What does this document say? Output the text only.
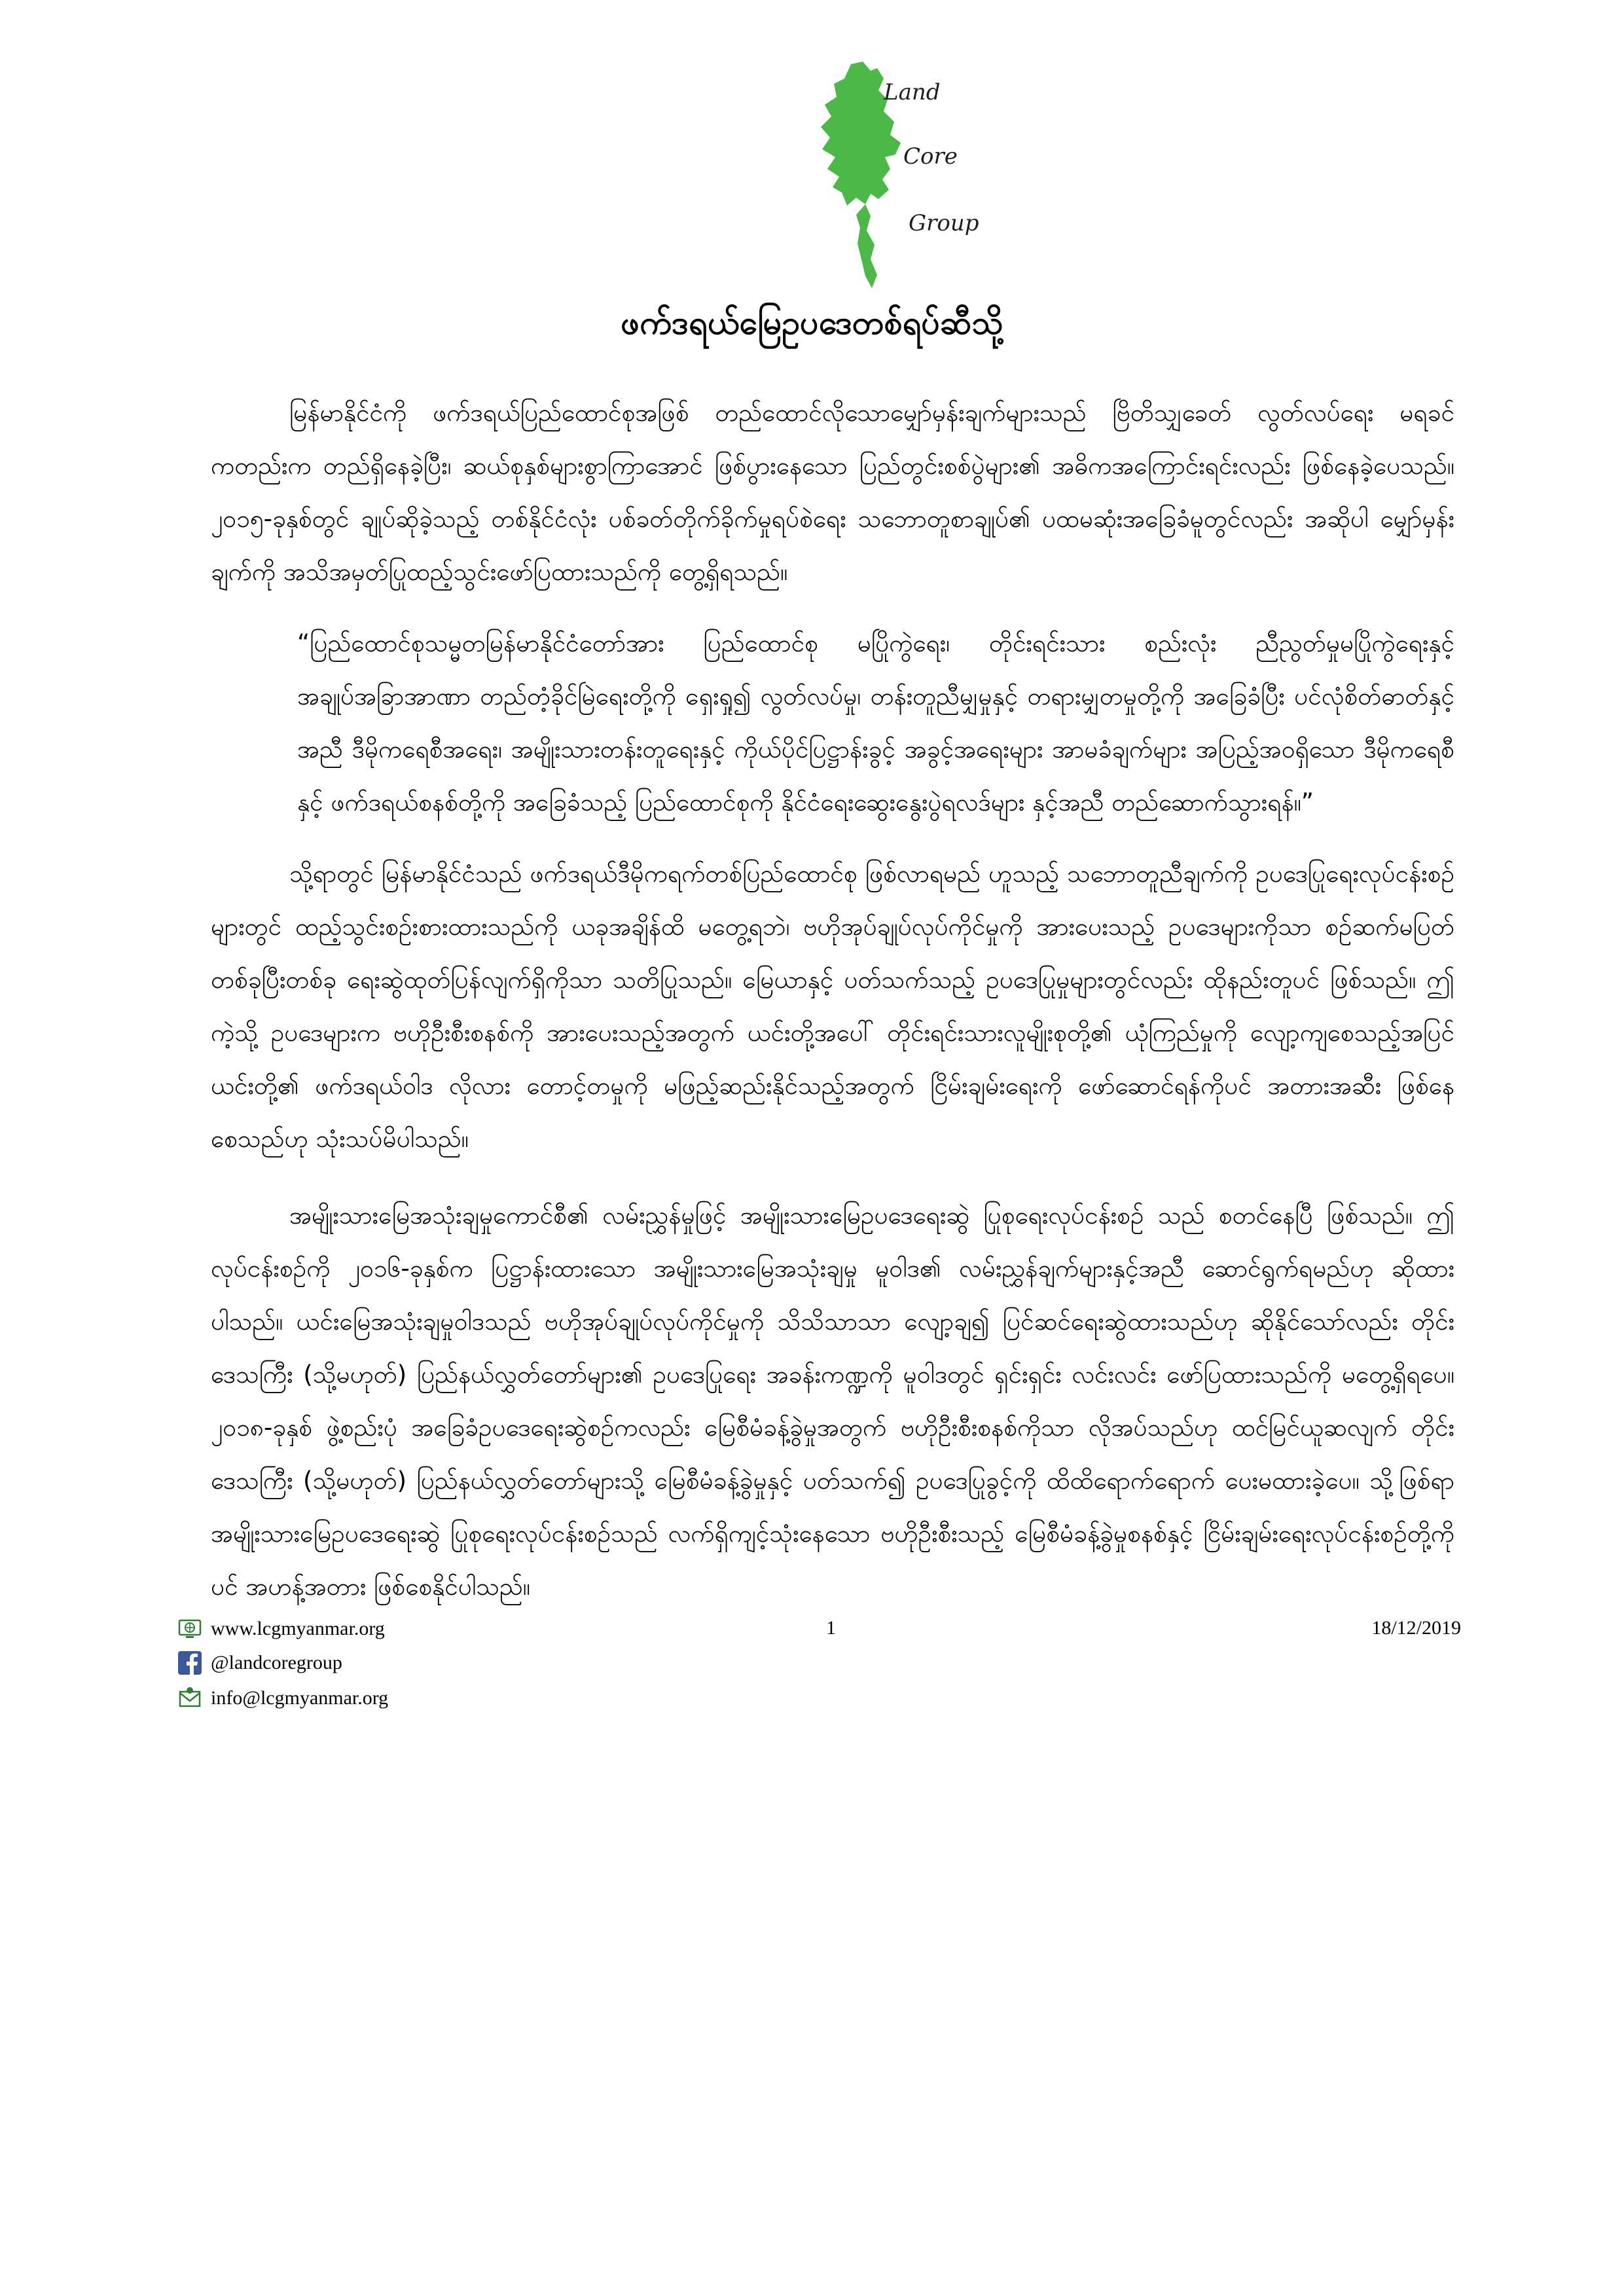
Land
Core
Group
ဖက်ဒရယ်မြေဥပဒေတစ်ရပ်ဆီသို့

မြန်မာနိုင်ငံကို ဖက်ဒရယ်ပြည်ထောင်စုအဖြစ် တည်ထောင်လိုသောမျှော်မှန်းချက်များသည် ဗြိတိသျှခေတ် လွတ်လပ်ရေး မရခင်ကတည်းက တည်ရှိနေခဲ့ပြီး၊ ဆယ်စုနှစ်များစွာကြာအောင် ဖြစ်ပွားနေသော ပြည်တွင်းစစ်ပွဲများ၏ အဓိကအကြောင်းရင်းလည်း ဖြစ်နေခဲ့ပေသည်။ ၂၀၁၅-ခုနှစ်တွင် ချုပ်ဆိုခဲ့သည့် တစ်နိုင်ငံလုံး ပစ်ခတ်တိုက်ခိုက်မှုရပ်စဲရေး သဘောတူစာချုပ်၏ ပထမဆုံးအခြေခံမူတွင်လည်း အဆိုပါ မျှော်မှန်းချက်ကို အသိအမှတ်ပြုထည့်သွင်းဖော်ပြထားသည်ကို တွေ့ရှိရသည်။

“ပြည်ထောင်စုသမ္မတမြန်မာနိုင်ငံတော်အား ပြည်ထောင်စု မပြိုကွဲရေး၊ တိုင်းရင်းသား စည်းလုံး ညီညွတ်မှုမပြိုကွဲရေးနှင့် အချုပ်အခြာအာဏာ တည်တံ့ခိုင်မြဲရေးတို့ကို ရှေးရှု၍ လွတ်လပ်မှု၊ တန်းတူညီမျှမှုနှင့် တရားမျှတမှုတို့ကို အခြေခံပြီး ပင်လုံစိတ်ဓာတ်နှင့်အညီ ဒီမိုကရေစီအရေး၊ အမျိုးသားတန်းတူရေးနှင့် ကိုယ်ပိုင်ပြဋ္ဌာန်းခွင့် အခွင့်အရေးများ အာမခံချက်များ အပြည့်အဝရှိသော ဒီမိုကရေစီနှင့် ဖက်ဒရယ်စနစ်တို့ကို အခြေခံသည့် ပြည်ထောင်စုကို နိုင်ငံရေးဆွေးနွေးပွဲရလဒ်များ နှင့်အညီ တည်ဆောက်သွားရန်။”

သို့ရာတွင် မြန်မာနိုင်ငံသည် ဖက်ဒရယ်ဒီမိုကရက်တစ်ပြည်ထောင်စု ဖြစ်လာရမည် ဟူသည့် သဘောတူညီချက်ကို ဥပဒေပြုရေးလုပ်ငန်းစဉ်များတွင် ထည့်သွင်းစဉ်းစားထားသည်ကို ယခုအချိန်ထိ မတွေ့ရဘဲ၊ ဗဟိုအုပ်ချုပ်လုပ်ကိုင်မှုကို အားပေးသည့် ဥပဒေများကိုသာ စဉ်ဆက်မပြတ် တစ်ခုပြီးတစ်ခု ရေးဆွဲထုတ်ပြန်လျက်ရှိကိုသာ သတိပြုသည်။ မြေယာနှင့် ပတ်သက်သည့် ဥပဒေပြုမှုများတွင်လည်း ထိုနည်းတူပင် ဖြစ်သည်။ ဤကဲ့သို့ ဥပဒေများက ဗဟိုဦးစီးစနစ်ကို အားပေးသည့်အတွက် ယင်းတို့အပေါ် တိုင်းရင်းသားလူမျိုးစုတို့၏ ယုံကြည်မှုကို လျော့ကျစေသည့်အပြင် ယင်းတို့၏ ဖက်ဒရယ်ဝါဒ လိုလား တောင့်တမှုကို မဖြည့်ဆည်းနိုင်သည့်အတွက် ငြိမ်းချမ်းရေးကို ဖော်ဆောင်ရန်ကိုပင် အတားအဆီး ဖြစ်နေစေသည်ဟု သုံးသပ်မိပါသည်။

အမျိုးသားမြေအသုံးချမှုကောင်စီ၏ လမ်းညွှန်မှုဖြင့် အမျိုးသားမြေဥပဒေရေးဆွဲ ပြုစုရေးလုပ်ငန်းစဉ် သည် စတင်နေပြီ ဖြစ်သည်။ ဤလုပ်ငန်းစဉ်ကို ၂၀၁၆-ခုနှစ်က ပြဋ္ဌာန်းထားသော အမျိုးသားမြေအသုံးချမှု မူဝါဒ၏ လမ်းညွှန်ချက်များနှင့်အညီ ဆောင်ရွက်ရမည်ဟု ဆိုထားပါသည်။ ယင်းမြေအသုံးချမှုဝါဒသည် ဗဟိုအုပ်ချုပ်လုပ်ကိုင်မှုကို သိသိသာသာ လျော့ချ၍ ပြင်ဆင်ရေးဆွဲထားသည်ဟု ဆိုနိုင်သော်လည်း တိုင်းဒေသကြီး (သို့မဟုတ်) ပြည်နယ်လွှတ်တော်များ၏ ဥပဒေပြုရေး အခန်းကဏ္ဍကို မူဝါဒတွင် ရှင်းရှင်း လင်းလင်း ဖော်ပြထားသည်ကို မတွေ့ရှိရပေ။ ၂၀၁၈-ခုနှစ် ဖွဲ့စည်းပုံ အခြေခံဥပဒေရေးဆွဲစဉ်ကလည်း မြေစီမံခန့်ခွဲမှုအတွက် ဗဟိုဦးစီးစနစ်ကိုသာ လိုအပ်သည်ဟု ထင်မြင်ယူဆလျက် တိုင်းဒေသကြီး (သို့မဟုတ်) ပြည်နယ်လွှတ်တော်များသို့ မြေစီမံခန့်ခွဲမှုနှင့် ပတ်သက်၍ ဥပဒေပြုခွင့်ကို ထိထိရောက်ရောက် ပေးမထားခဲ့ပေ။ သို့ဖြစ်ရာ အမျိုးသားမြေဥပဒေရေးဆွဲ ပြုစုရေးလုပ်ငန်းစဉ်သည် လက်ရှိကျင့်သုံးနေသော ဗဟိုဦးစီးသည့် မြေစီမံခန့်ခွဲမှုစနစ်နှင့် ငြိမ်းချမ်းရေးလုပ်ငန်းစဉ်တို့ကိုပင် အဟန့်အတား ဖြစ်စေနိုင်ပါသည်။

www.lcgmyanmar.org	1	18/12/2019
@landcoregroup
info@lcgmyanmar.org
